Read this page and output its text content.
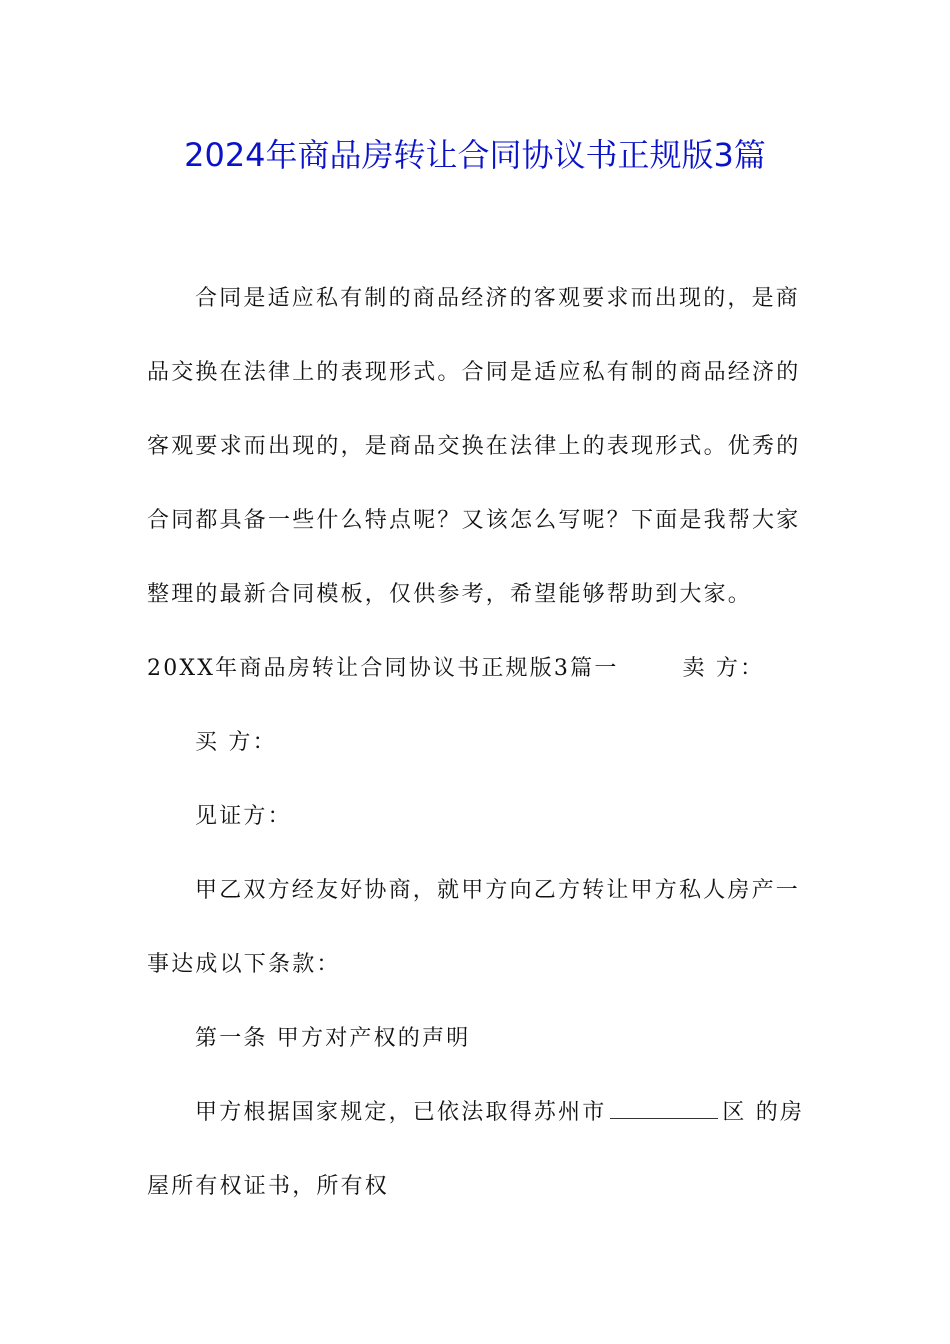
2024年商品房转让合同协议书正规版3篇

合同是适应私有制的商品经济的客观要求而出现的，是商品交换在法律上的表现形式。合同是适应私有制的商品经济的客观要求而出现的，是商品交换在法律上的表现形式。优秀的合同都具备一些什么特点呢？又该怎么写呢？下面是我帮大家整理的最新合同模板，仅供参考，希望能够帮助到大家。

20XX年商品房转让合同协议书正规版3篇一	卖 方：

买 方：

见证方：

甲乙双方经友好协商，就甲方向乙方转让甲方私人房产一事达成以下条款：

第一条 甲方对产权的声明

甲方根据国家规定，已依法取得苏州市	区 的房屋所有权证书，所有权
